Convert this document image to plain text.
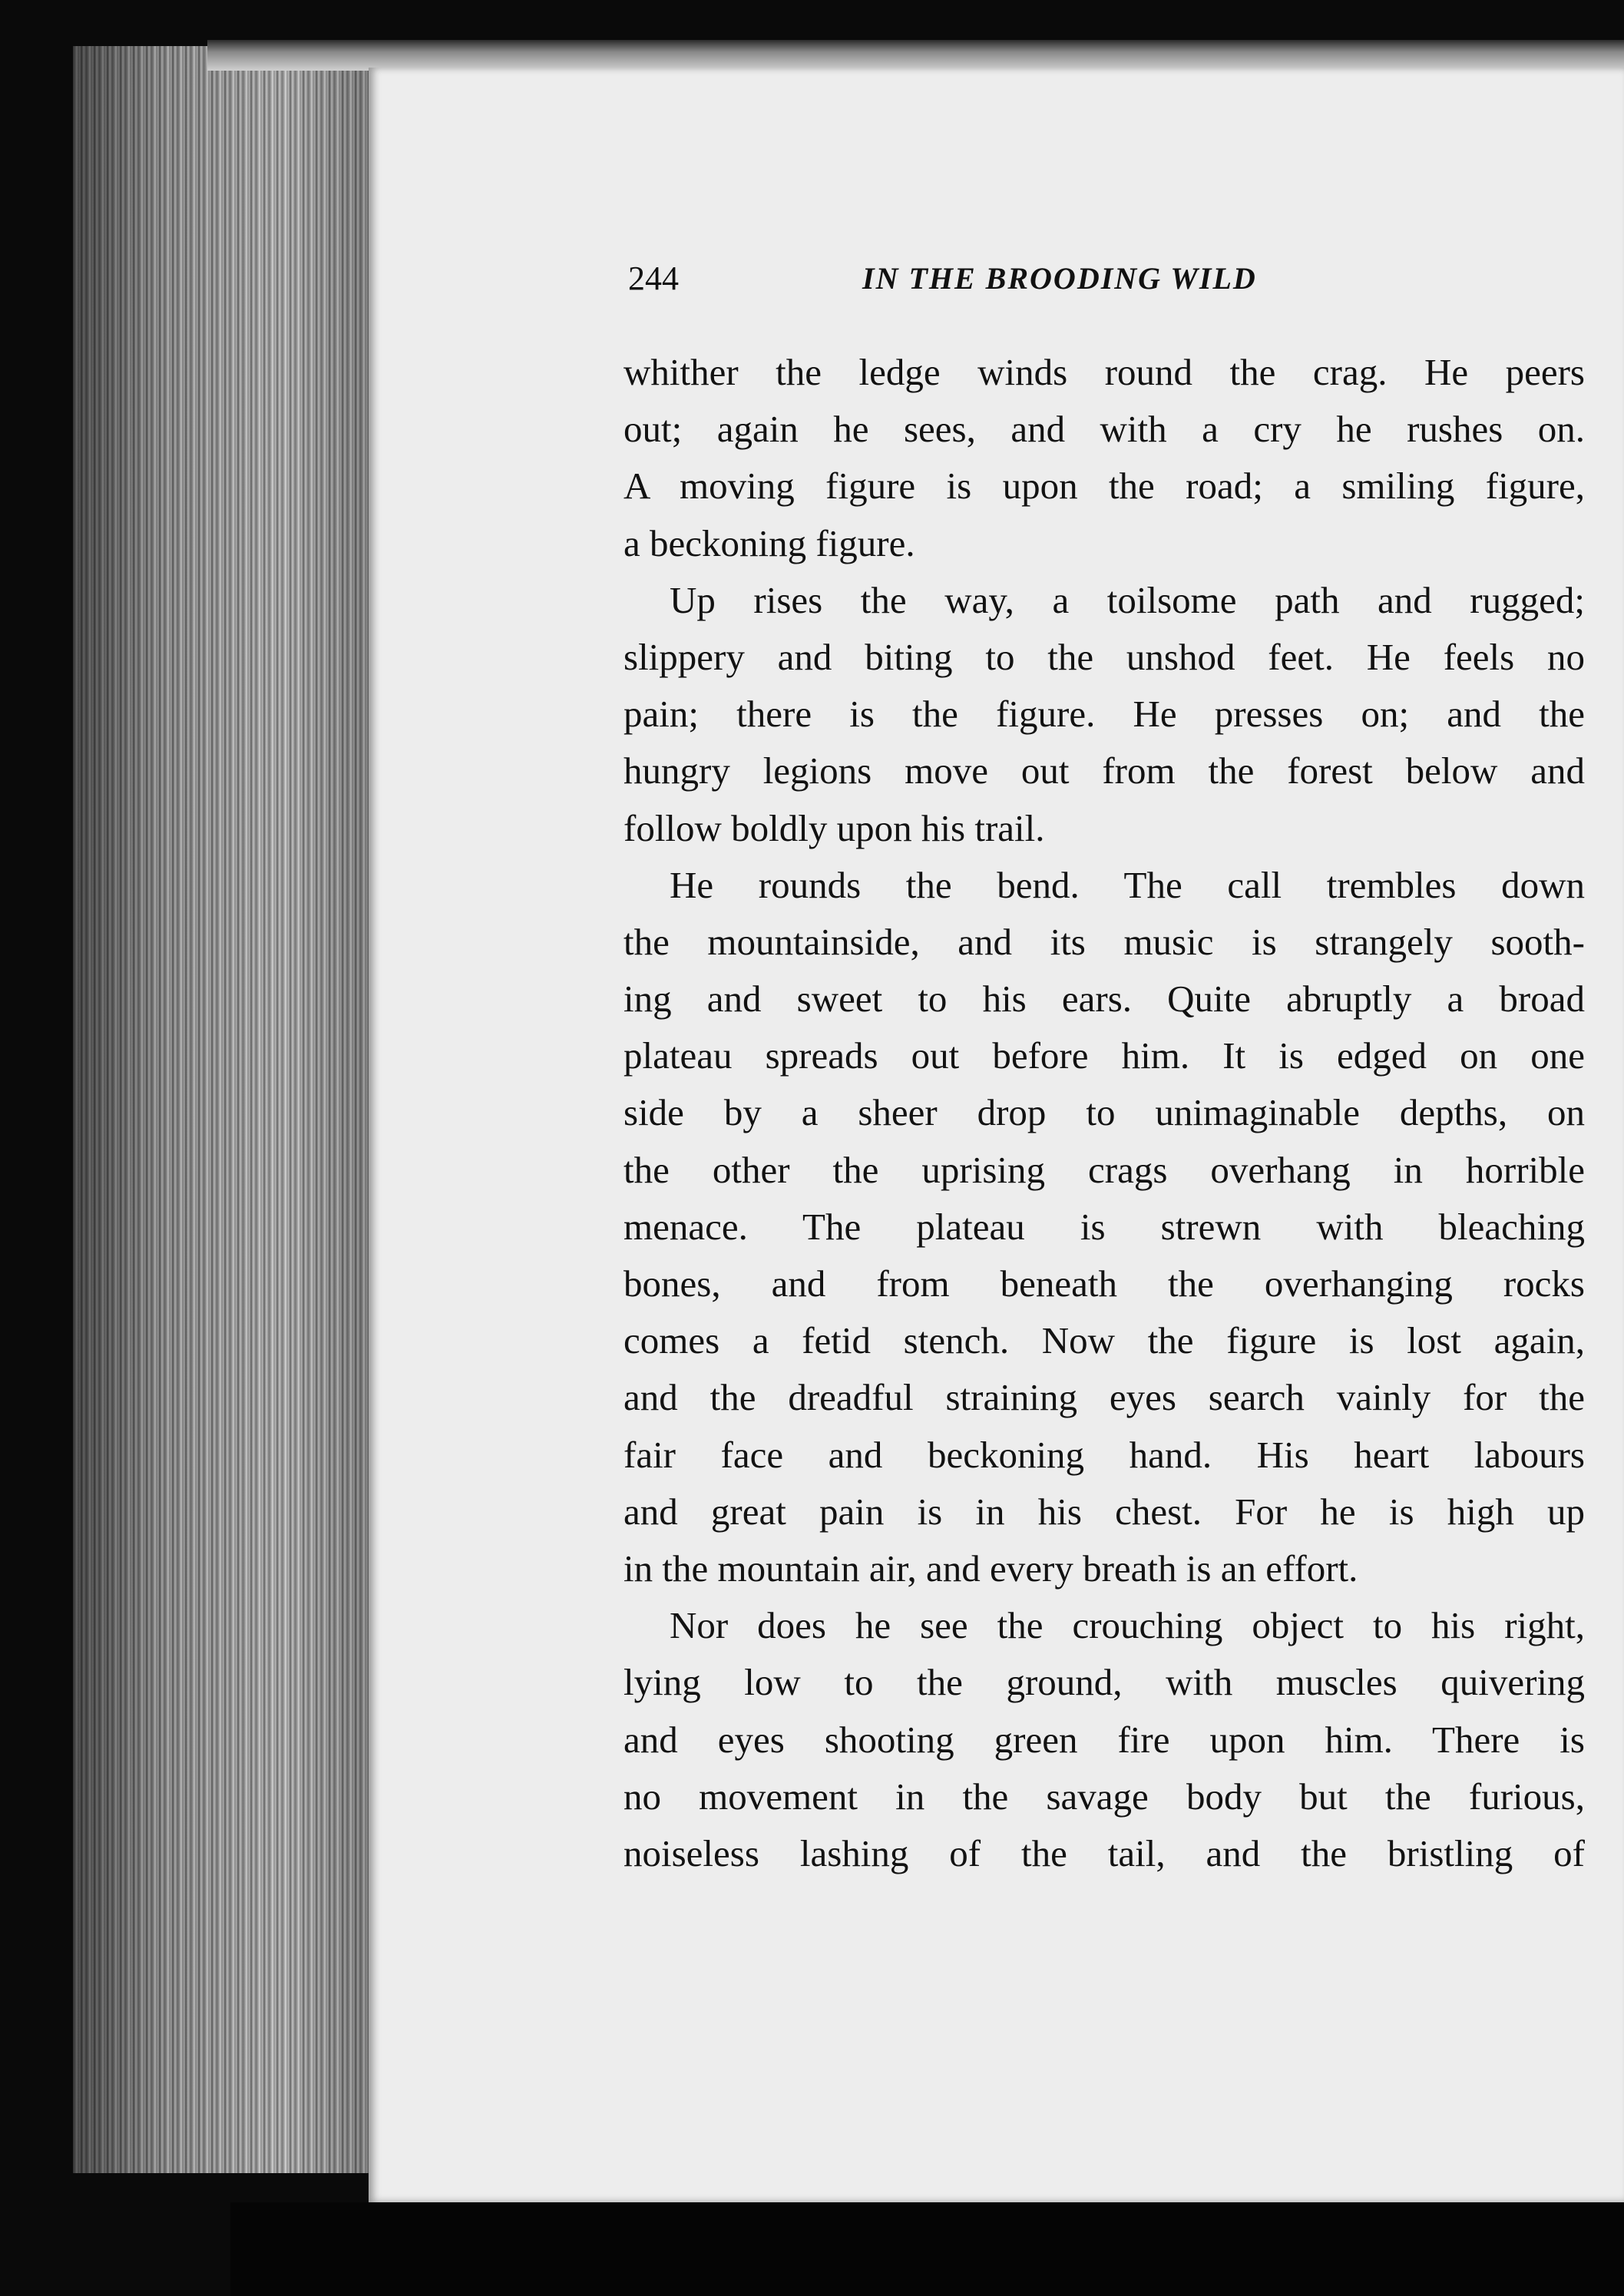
244	IN THE BROODING WILD
whither the ledge winds round the crag. He peers
out; again he sees, and with a cry he rushes on.
A moving figure is upon the road; a smiling figure,
a beckoning figure.
Up rises the way, a toilsome path and rugged;
slippery and biting to the unshod feet. He feels no
pain; there is the figure. He presses on; and the
hungry legions move out from the forest below and
follow boldly upon his trail.
He rounds the bend. The call trembles down
the mountainside, and its music is strangely sooth-
ing and sweet to his ears. Quite abruptly a broad
plateau spreads out before him. It is edged on one
side by a sheer drop to unimaginable depths, on
the other the uprising crags overhang in horrible
menace. The plateau is strewn with bleaching
bones, and from beneath the overhanging rocks
comes a fetid stench. Now the figure is lost again,
and the dreadful straining eyes search vainly for the
fair face and beckoning hand. His heart labours
and great pain is in his chest. For he is high up
in the mountain air, and every breath is an effort.
Nor does he see the crouching object to his right,
lying low to the ground, with muscles quivering
and eyes shooting green fire upon him. There is
no movement in the savage body but the furious,
noiseless lashing of the tail, and the bristling of
